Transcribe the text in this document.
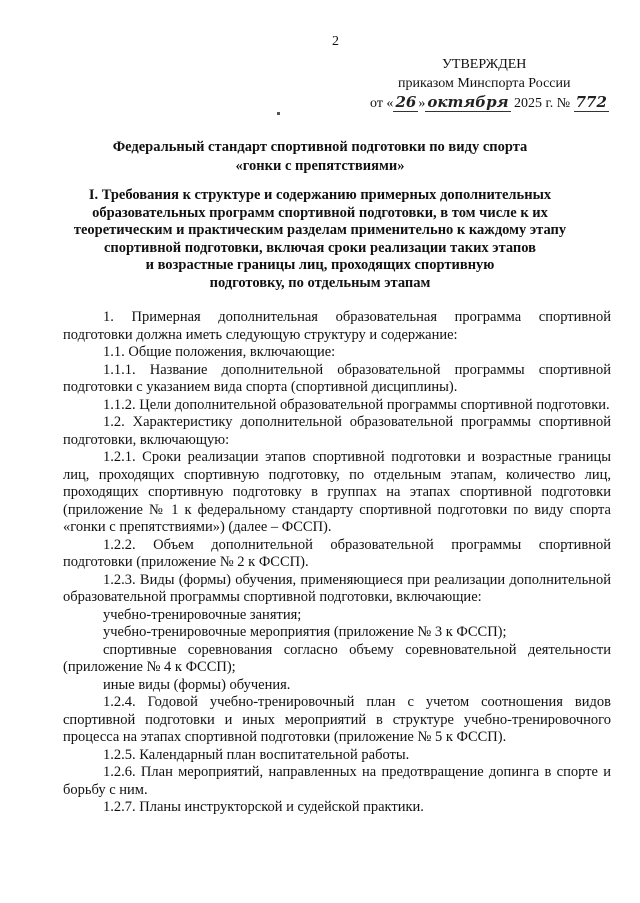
2
УТВЕРЖДЕН
приказом Минспорта России
от « 26 » октября 2025 г. № 772
Федеральный стандарт спортивной подготовки по виду спорта
«гонки с препятствиями»
I. Требования к структуре и содержанию примерных дополнительных
образовательных программ спортивной подготовки, в том числе к их
теоретическим и практическим разделам применительно к каждому этапу
спортивной подготовки, включая сроки реализации таких этапов
и возрастные границы лиц, проходящих спортивную
подготовку, по отдельным этапам

1. Примерная дополнительная образовательная программа спортивной подготовки должна иметь следующую структуру и содержание:

1.1. Общие положения, включающие:

1.1.1. Название дополнительной образовательной программы спортивной подготовки с указанием вида спорта (спортивной дисциплины).

1.1.2. Цели дополнительной образовательной программы спортивной подготовки.

1.2. Характеристику дополнительной образовательной программы спортивной подготовки, включающую:

1.2.1. Сроки реализации этапов спортивной подготовки и возрастные границы лиц, проходящих спортивную подготовку, по отдельным этапам, количество лиц, проходящих спортивную подготовку в группах на этапах спортивной подготовки (приложение № 1 к федеральному стандарту спортивной подготовки по виду спорта «гонки с препятствиями») (далее – ФССП).

1.2.2. Объем дополнительной образовательной программы спортивной подготовки (приложение № 2 к ФССП).

1.2.3. Виды (формы) обучения, применяющиеся при реализации дополнительной образовательной программы спортивной подготовки, включающие:

учебно-тренировочные занятия;

учебно-тренировочные мероприятия (приложение № 3 к ФССП);

спортивные соревнования согласно объему соревновательной деятельности (приложение № 4 к ФССП);

иные виды (формы) обучения.

1.2.4. Годовой учебно-тренировочный план с учетом соотношения видов спортивной подготовки и иных мероприятий в структуре учебно-тренировочного процесса на этапах спортивной подготовки (приложение № 5 к ФССП).

1.2.5. Календарный план воспитательной работы.

1.2.6. План мероприятий, направленных на предотвращение допинга в спорте и борьбу с ним.

1.2.7. Планы инструкторской и судейской практики.
